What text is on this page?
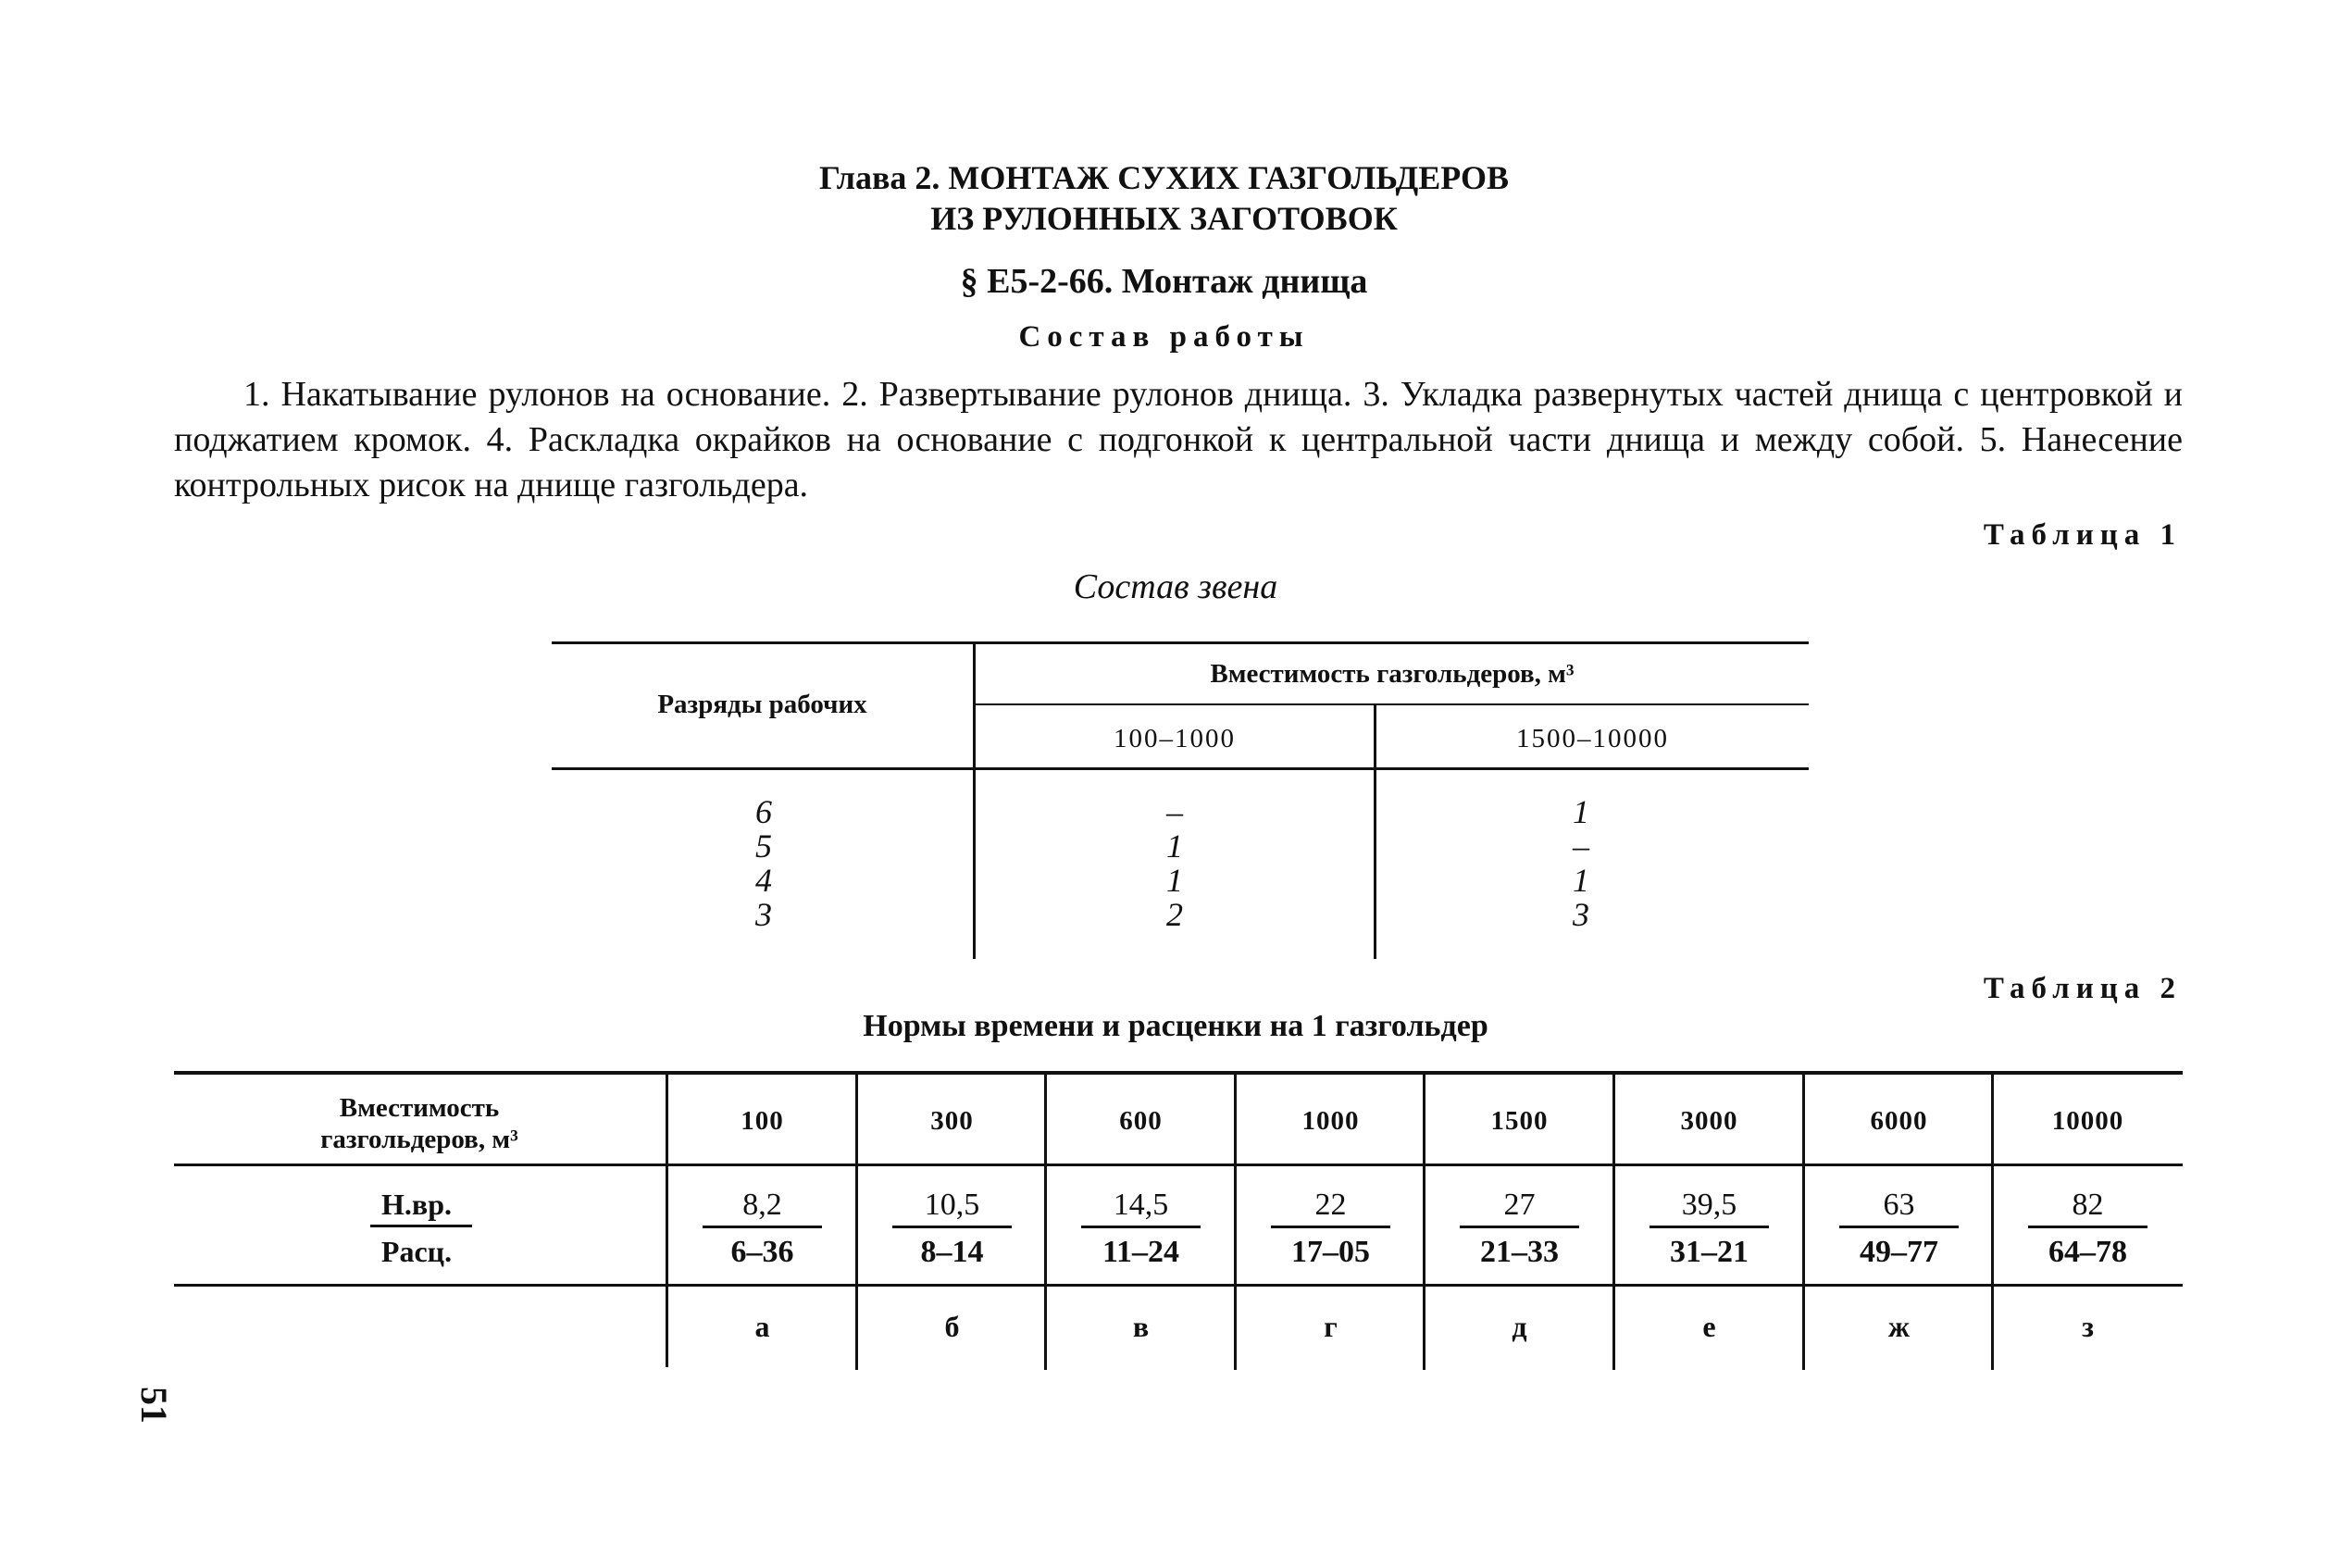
Глава 2. МОНТАЖ СУХИХ ГАЗГОЛЬДЕРОВ
ИЗ РУЛОННЫХ ЗАГОТОВОК
§ Е5-2-66. Монтаж днища
Состав работы
1. Накатывание рулонов на основание. 2. Развертывание рулонов днища. 3. Укладка развернутых частей днища с центровкой и поджатием кромок. 4. Раскладка окрайков на основание с подгонкой к центральной части днища и между собой. 5. Нанесение контрольных рисок на днище газгольдера.
Таблица 1
Состав звена
Разряды рабочих
Вместимость газгольдеров, м³
100–1000	1500–10000
6
5
4
3
–
1
1
2
1
–
1
3
Таблица 2
Нормы времени и расценки на 1 газгольдер
Вместимость газгольдеров, м³
Н.вр.
Расц.
100
8,2
6–36
а
300
10,5
8–14
б
600
14,5
11–24
в
1000
22
17–05
г
1500
27
21–33
д
3000
39,5
31–21
е
6000
63
49–77
ж
10000
82
64–78
з
51
